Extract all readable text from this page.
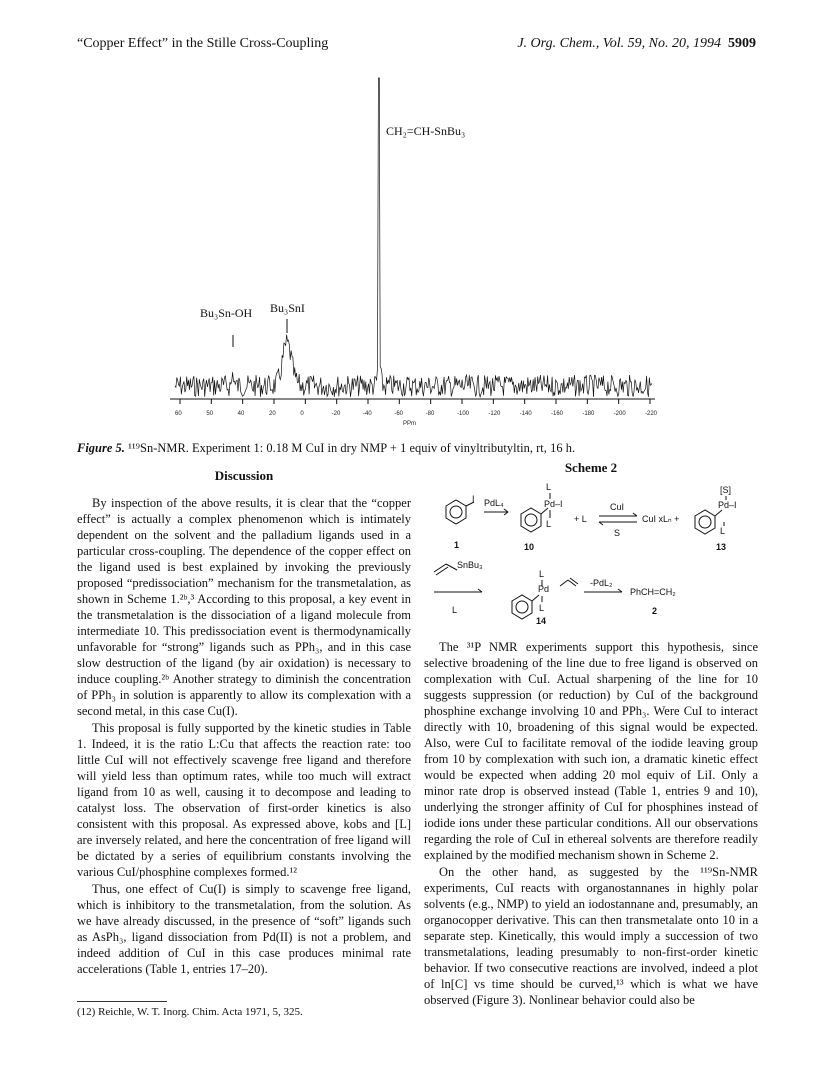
“Copper Effect” in the Stille Cross-Coupling	J. Org. Chem., Vol. 59, No. 20, 1994 5909
60	50	40	20	0	-20	-40	-60	-80	-100	-120	-140	-160	-180	-200	-220
PPm
CH₂=CH-SnBu₃
Bu₃Sn-OH Bu₃SnI
Figure 5. ¹¹⁹Sn-NMR. Experiment 1: 0.18 M CuI in dry NMP + 1 equiv of vinyltributyltin, rt, 16 h.
Discussion

By inspection of the above results, it is clear that the “copper effect” is actually a complex phenomenon which is intimately dependent on the solvent and the palladium ligands used in a particular cross-coupling. The dependence of the copper effect on the ligand used is best explained by invoking the previously proposed “predissociation” mechanism for the transmetalation, as shown in Scheme 1.²ᵇ,³ According to this proposal, a key event in the transmetalation is the dissociation of a ligand molecule from intermediate 10. This predissociation event is thermodynamically unfavorable for “strong” ligands such as PPh₃, and in this case slow destruction of the ligand (by air oxidation) is necessary to induce coupling.²ᵇ Another strategy to diminish the concentration of PPh₃ in solution is apparently to allow its complexation with a second metal, in this case Cu(I).

This proposal is fully supported by the kinetic studies in Table 1. Indeed, it is the ratio L:Cu that affects the reaction rate: too little CuI will not effectively scavenge free ligand and therefore will yield less than optimum rates, while too much will extract ligand from 10 as well, causing it to decompose and leading to catalyst loss. The observation of first-order kinetics is also consistent with this proposal. As expressed above, kobs and [L] are inversely related, and here the concentration of free ligand will be dictated by a series of equilibrium constants involving the various CuI/phosphine complexes formed.¹²

Thus, one effect of Cu(I) is simply to scavenge free ligand, which is inhibitory to the transmetalation, from the solution. As we have already discussed, in the presence of “soft” ligands such as AsPh₃, ligand dissociation from Pd(II) is not a problem, and indeed addition of CuI in this case produces minimal rate accelerations (Table 1, entries 17–20).

Scheme 2
I PdL₄
L
Pd–I
L	+ L
CuI
S
CuI xLₙ +
[S]
Pd–I
L
SnBu₃
L
L
Pd
L
-PdL₂
PhCH=CH₂
1	10	13
14
2

The ³¹P NMR experiments support this hypothesis, since selective broadening of the line due to free ligand is observed on complexation with CuI. Actual sharpening of the line for 10 suggests suppression (or reduction) by CuI of the background phosphine exchange involving 10 and PPh₃. Were CuI to interact directly with 10, broadening of this signal would be expected. Also, were CuI to facilitate removal of the iodide leaving group from 10 by complexation with such ion, a dramatic kinetic effect would be expected when adding 20 mol equiv of LiI. Only a minor rate drop is observed instead (Table 1, entries 9 and 10), underlying the stronger affinity of CuI for phosphines instead of iodide ions under these particular conditions. All our observations regarding the role of CuI in ethereal solvents are therefore readily explained by the modified mechanism shown in Scheme 2.

On the other hand, as suggested by the ¹¹⁹Sn-NMR experiments, CuI reacts with organostannanes in highly polar solvents (e.g., NMP) to yield an iodostannane and, presumably, an organocopper derivative. This can then transmetalate onto 10 in a separate step. Kinetically, this would imply a succession of two transmetalations, leading presumably to non-first-order kinetic behavior. If two consecutive reactions are involved, indeed a plot of ln[C] vs time should be curved,¹³ which is what we have observed (Figure 3). Nonlinear behavior could also be

(12) Reichle, W. T. Inorg. Chim. Acta 1971, 5, 325.
